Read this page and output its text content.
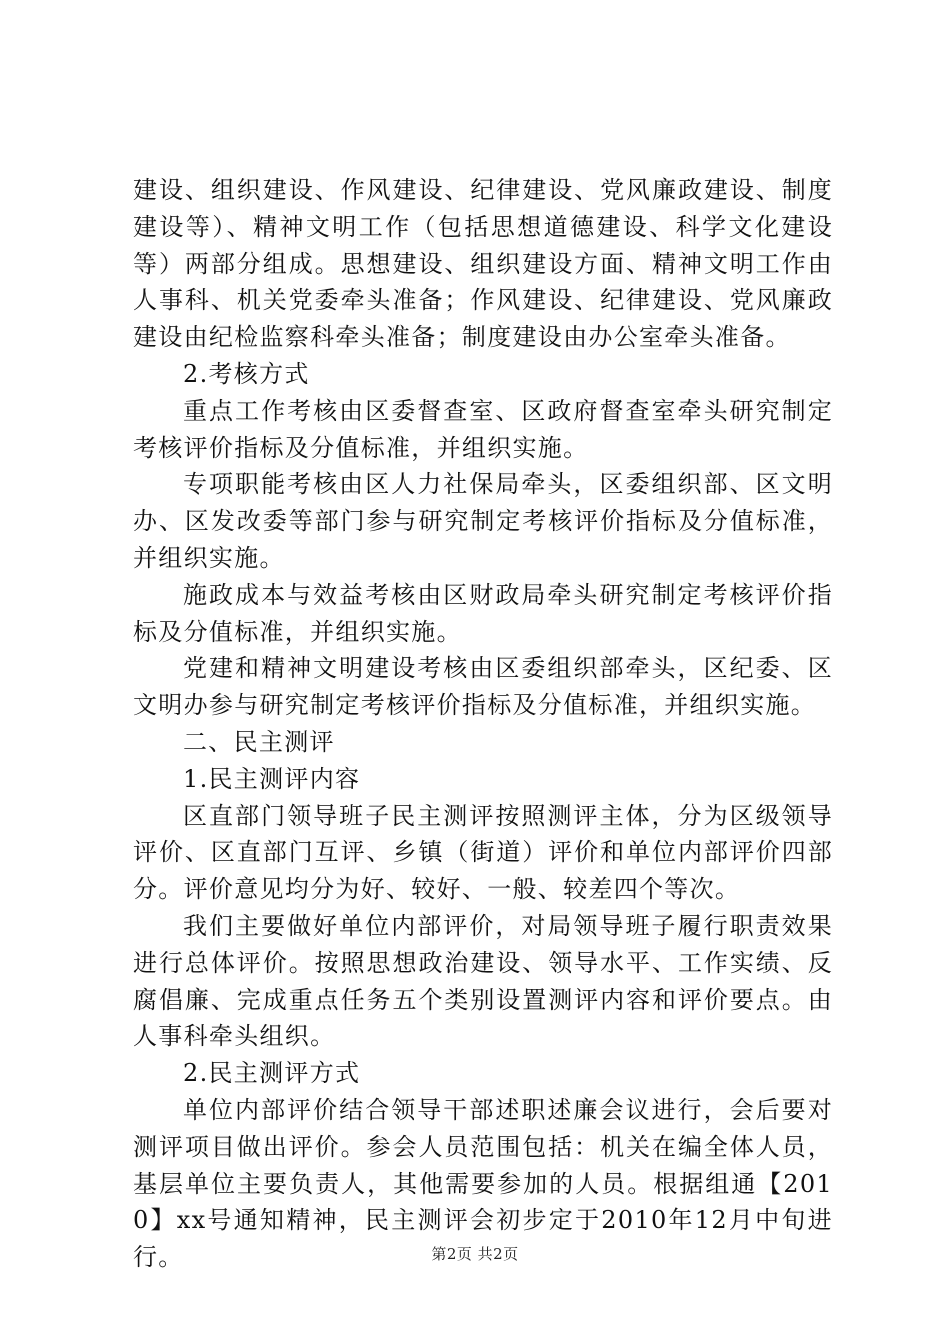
建设、组织建设、作风建设、纪律建设、党风廉政建设、制度建设等）、精神文明工作（包括思想道德建设、科学文化建设等）两部分组成。思想建设、组织建设方面、精神文明工作由人事科、机关党委牵头准备；作风建设、纪律建设、党风廉政建设由纪检监察科牵头准备；制度建设由办公室牵头准备。

2.考核方式

重点工作考核由区委督查室、区政府督查室牵头研究制定考核评价指标及分值标准，并组织实施。

专项职能考核由区人力社保局牵头，区委组织部、区文明办、区发改委等部门参与研究制定考核评价指标及分值标准，并组织实施。

施政成本与效益考核由区财政局牵头研究制定考核评价指标及分值标准，并组织实施。

党建和精神文明建设考核由区委组织部牵头，区纪委、区文明办参与研究制定考核评价指标及分值标准，并组织实施。

二、民主测评

1.民主测评内容

区直部门领导班子民主测评按照测评主体，分为区级领导评价、区直部门互评、乡镇（街道）评价和单位内部评价四部分。评价意见均分为好、较好、一般、较差四个等次。

我们主要做好单位内部评价，对局领导班子履行职责效果进行总体评价。按照思想政治建设、领导水平、工作实绩、反腐倡廉、完成重点任务五个类别设置测评内容和评价要点。由人事科牵头组织。

2.民主测评方式

单位内部评价结合领导干部述职述廉会议进行，会后要对测评项目做出评价。参会人员范围包括：机关在编全体人员，基层单位主要负责人，其他需要参加的人员。根据组通【2010】xx号通知精神，民主测评会初步定于2010年12月中旬进行。	第2页 共2页
